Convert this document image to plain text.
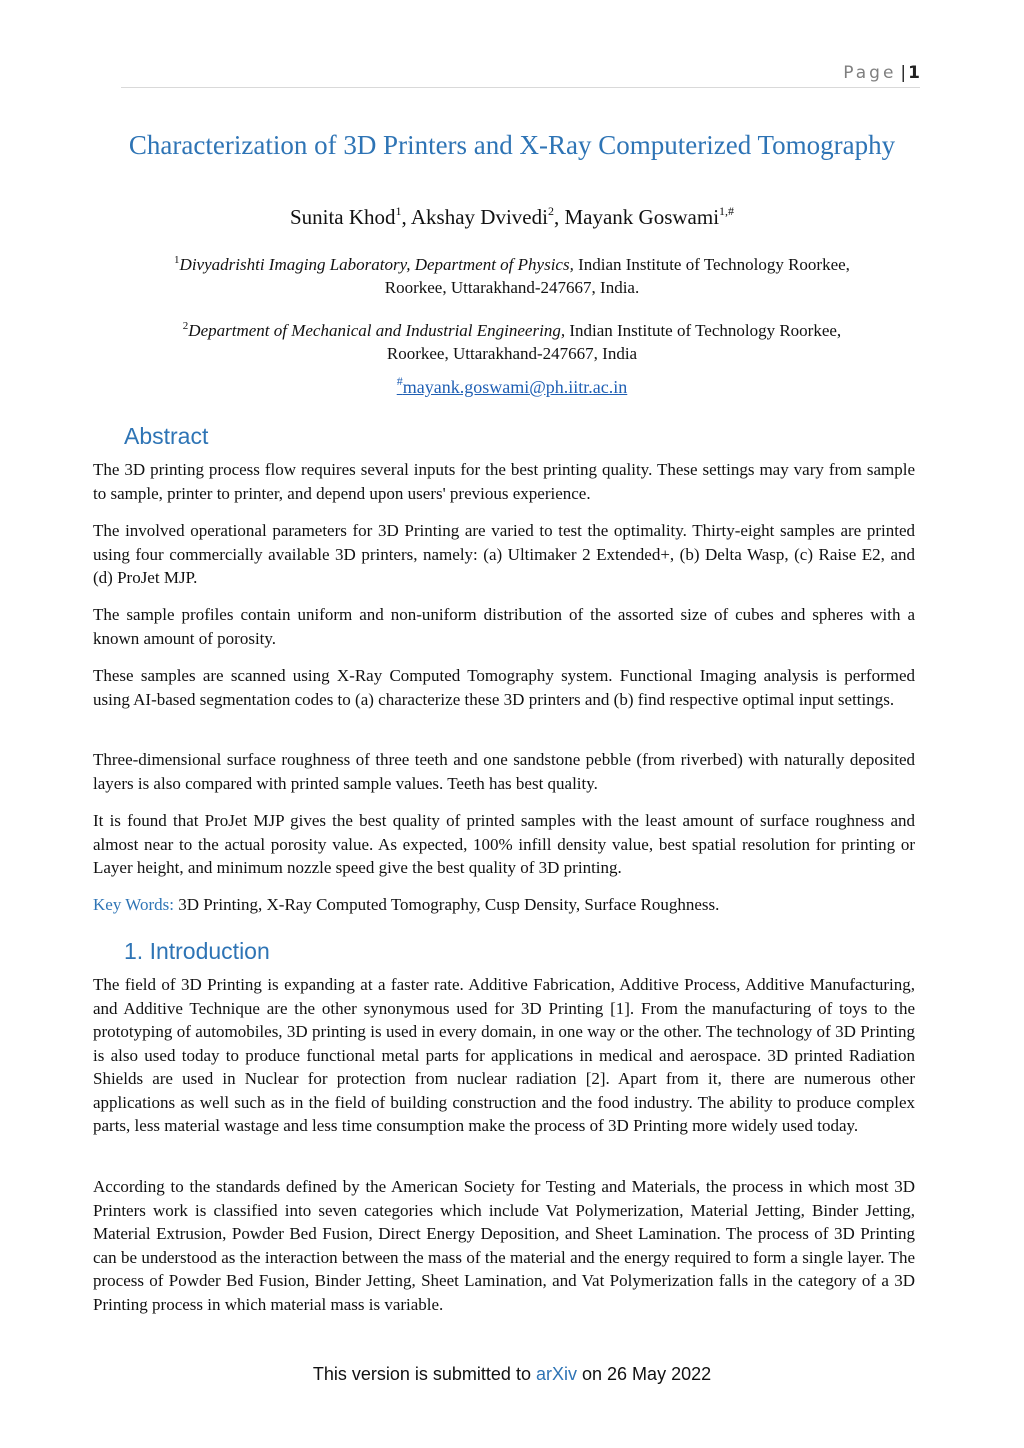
Page | 1
Characterization of 3D Printers and X-Ray Computerized Tomography
Sunita Khod$^1$, Akshay Dvivedi$^2$, Mayank Goswami$^{1,\#}$
$^1$Divyadrishti Imaging Laboratory, Department of Physics, Indian Institute of Technology Roorkee,
Roorkee, Uttarakhand-247667, India.
$^2$Department of Mechanical and Industrial Engineering, Indian Institute of Technology Roorkee,
Roorkee, Uttarakhand-247667, India
#mayank.goswami@ph.iitr.ac.in
Abstract

The 3D printing process flow requires several inputs for the best printing quality. These settings may vary from sample to sample, printer to printer, and depend upon users' previous experience.

The involved operational parameters for 3D Printing are varied to test the optimality. Thirty-eight samples are printed using four commercially available 3D printers, namely: (a) Ultimaker 2 Extended+, (b) Delta Wasp, (c) Raise E2, and (d) ProJet MJP.

The sample profiles contain uniform and non-uniform distribution of the assorted size of cubes and spheres with a known amount of porosity.

These samples are scanned using X-Ray Computed Tomography system. Functional Imaging analysis is performed using AI-based segmentation codes to (a) characterize these 3D printers and (b) find respective optimal input settings.

Three-dimensional surface roughness of three teeth and one sandstone pebble (from riverbed) with naturally deposited layers is also compared with printed sample values. Teeth has best quality.

It is found that ProJet MJP gives the best quality of printed samples with the least amount of surface roughness and almost near to the actual porosity value. As expected, 100% infill density value, best spatial resolution for printing or Layer height, and minimum nozzle speed give the best quality of 3D printing.

Key Words: 3D Printing, X-Ray Computed Tomography, Cusp Density, Surface Roughness.

1. Introduction

The field of 3D Printing is expanding at a faster rate. Additive Fabrication, Additive Process, Additive Manufacturing, and Additive Technique are the other synonymous used for 3D Printing [1]. From the manufacturing of toys to the prototyping of automobiles, 3D printing is used in every domain, in one way or the other. The technology of 3D Printing is also used today to produce functional metal parts for applications in medical and aerospace. 3D printed Radiation Shields are used in Nuclear for protection from nuclear radiation [2]. Apart from it, there are numerous other applications as well such as in the field of building construction and the food industry. The ability to produce complex parts, less material wastage and less time consumption make the process of 3D Printing more widely used today.

According to the standards defined by the American Society for Testing and Materials, the process in which most 3D Printers work is classified into seven categories which include Vat Polymerization, Material Jetting, Binder Jetting, Material Extrusion, Powder Bed Fusion, Direct Energy Deposition, and Sheet Lamination. The process of 3D Printing can be understood as the interaction between the mass of the material and the energy required to form a single layer. The process of Powder Bed Fusion, Binder Jetting, Sheet Lamination, and Vat Polymerization falls in the category of a 3D Printing process in which material mass is variable.

This version is submitted to arXiv on 26 May 2022
